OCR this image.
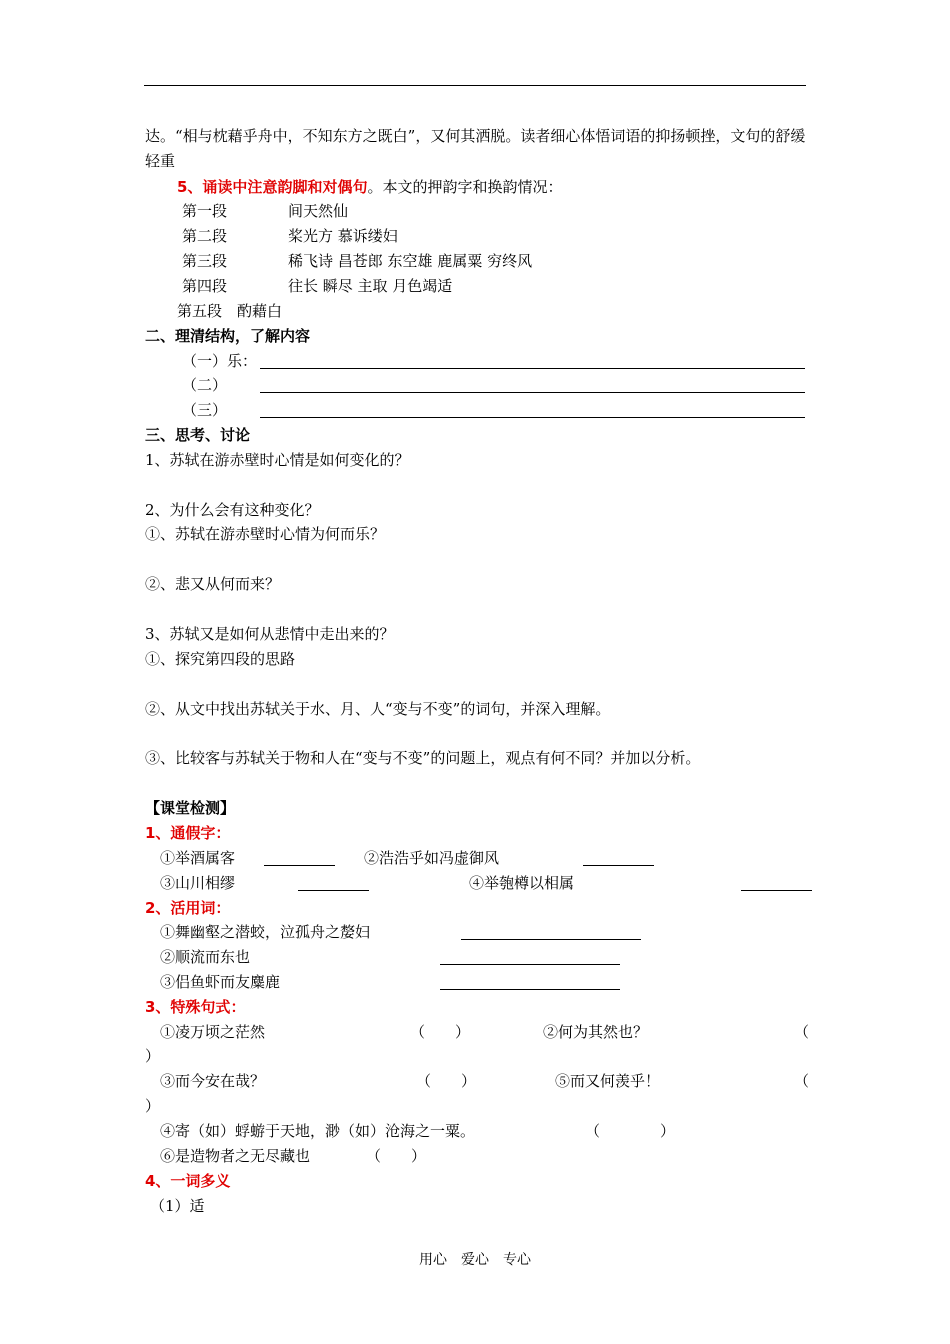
达。“相与枕藉乎舟中，不知东方之既白”，又何其洒脱。读者细心体悟词语的抑扬顿挫，文句的舒缓轻重
5、诵读中注意韵脚和对偶句。本文的押韵字和换韵情况：
第一段	间天然仙
第二段	桨光方 慕诉缕妇
第三段	稀飞诗 昌苍郎 东空雄 鹿属粟 穷终风
第四段	往长 瞬尽 主取 月色竭适
第五段 酌藉白
二、理清结构，了解内容
（一）乐：
（二）
（三）
三、思考、讨论
1、苏轼在游赤壁时心情是如何变化的？
2、为什么会有这种变化？
①、苏轼在游赤壁时心情为何而乐？
②、悲又从何而来？
3、苏轼又是如何从悲情中走出来的？
①、探究第四段的思路
②、从文中找出苏轼关于水、月、人“变与不变”的词句，并深入理解。
③、比较客与苏轼关于物和人在“变与不变”的问题上，观点有何不同？并加以分析。
【课堂检测】
1、通假字：
①举酒属客	②浩浩乎如冯虚御风
③山川相缪	④举匏樽以相属
2、活用词：
①舞幽壑之潜蛟，泣孤舟之嫠妇
②顺流而东也
③侣鱼虾而友麋鹿
3、特殊句式：
①凌万顷之茫然	（　　）	②何为其然也？	（
）
③而今安在哉？	（　　）	⑤而又何羡乎！	（
）
④寄（如）蜉蝣于天地，渺（如）沧海之一粟。	（　　　　）
⑥是造物者之无尽藏也	（　　）
4、一词多义
（1）适
用心　爱心　专心
